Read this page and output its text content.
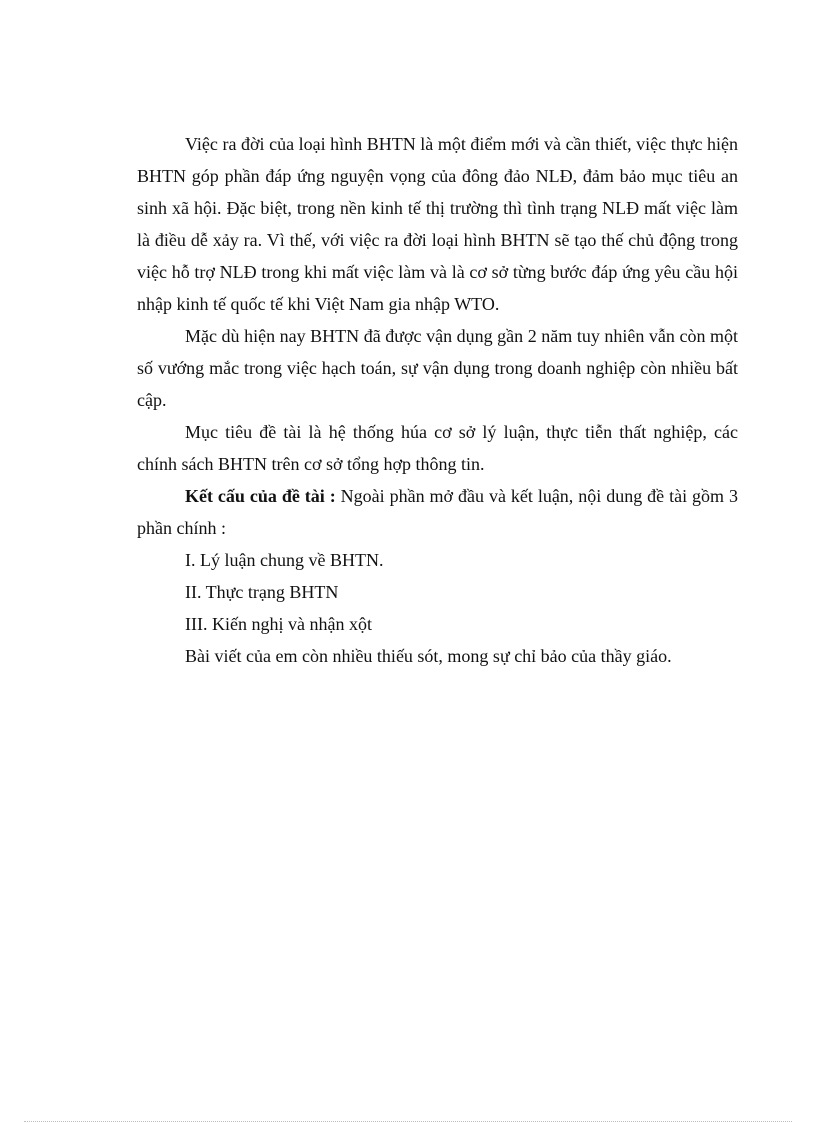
Việc ra đời của loại hình BHTN là một điểm mới và cần thiết, việc thực hiện BHTN góp phần đáp ứng nguyện vọng của đông đảo NLĐ, đảm bảo mục tiêu an sinh xã hội. Đặc biệt, trong nền kinh tế thị trường thì tình trạng NLĐ mất việc làm là điều dễ xảy ra. Vì thế, với việc ra đời loại hình BHTN sẽ tạo thế chủ động trong việc hỗ trợ NLĐ trong khi mất việc làm và là cơ sở từng bước đáp ứng yêu cầu hội nhập kinh tế quốc tế khi Việt Nam gia nhập WTO.

Mặc dù hiện nay BHTN đã được vận dụng gần 2 năm tuy nhiên vẫn còn một số vướng mắc trong việc hạch toán, sự vận dụng trong doanh nghiệp còn nhiều bất cập.

Mục tiêu đề tài là hệ thống húa cơ sở lý luận, thực tiễn thất nghiệp, các chính sách BHTN trên cơ sở tổng hợp thông tin.

Kết cấu của đề tài : Ngoài phần mở đầu và kết luận, nội dung đề tài gồm 3 phần chính :

I. Lý luận chung về BHTN.

II. Thực trạng BHTN

III. Kiến nghị và nhận xột

Bài viết của em còn nhiều thiếu sót, mong sự chỉ bảo của thầy giáo.
